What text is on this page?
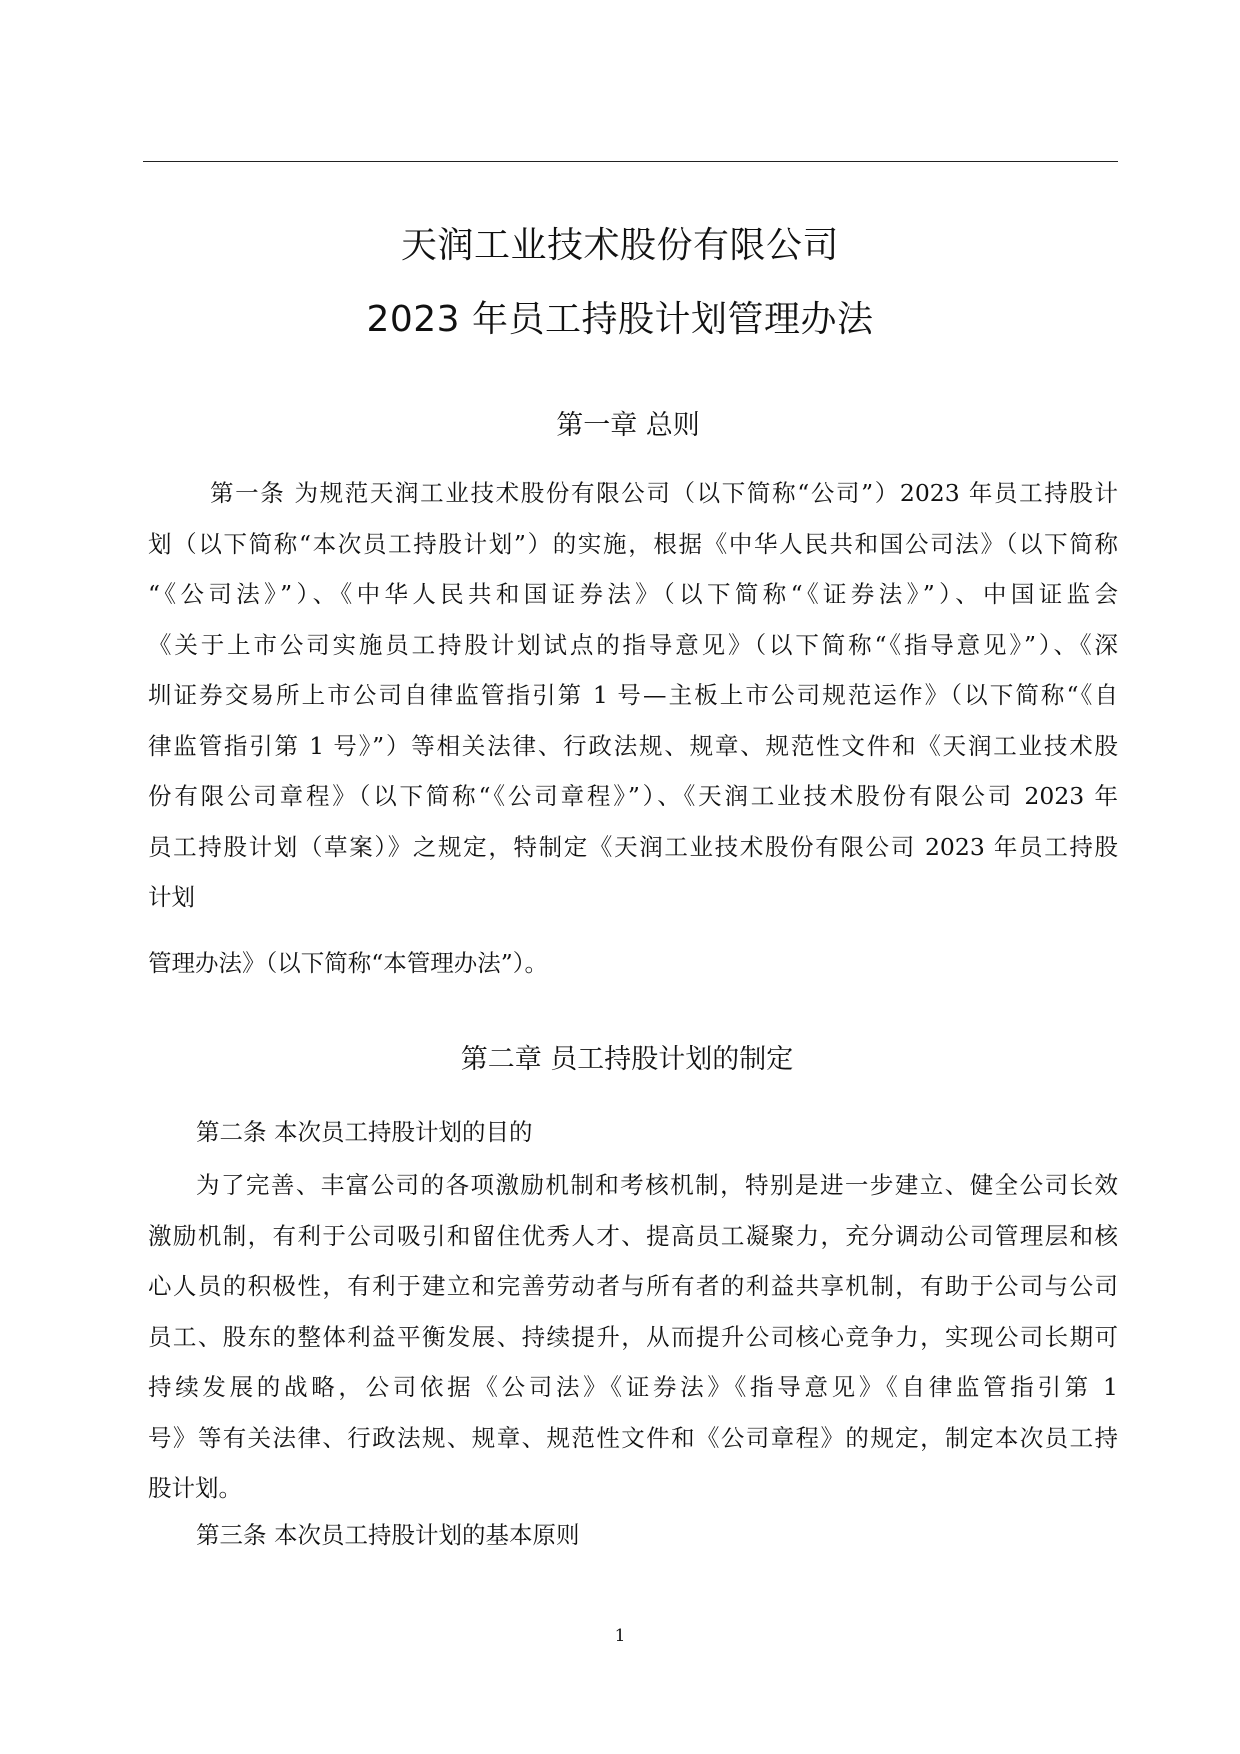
天润工业技术股份有限公司
2023 年员工持股计划管理办法
第一章 总则
第一条 为规范天润工业技术股份有限公司（以下简称“公司”）2023 年员工持股计
划（以下简称“本次员工持股计划”）的实施，根据《中华人民共和国公司法》（以下简称
“《公司法》”）、《中华人民共和国证券法》（以下简称“《证券法》”）、中国证监会
《关于上市公司实施员工持股计划试点的指导意见》（以下简称“《指导意见》”）、《深
圳证券交易所上市公司自律监管指引第 1 号—主板上市公司规范运作》（以下简称“《自
律监管指引第 1 号》”）等相关法律、行政法规、规章、规范性文件和《天润工业技术股
份有限公司章程》（以下简称“《公司章程》”）、《天润工业技术股份有限公司 2023 年
员工持股计划（草案）》之规定，特制定《天润工业技术股份有限公司 2023 年员工持股
计划
管理办法》（以下简称“本管理办法”）。
第二章 员工持股计划的制定
第二条 本次员工持股计划的目的
为了完善、丰富公司的各项激励机制和考核机制，特别是进一步建立、健全公司长效
激励机制，有利于公司吸引和留住优秀人才、提高员工凝聚力，充分调动公司管理层和核
心人员的积极性，有利于建立和完善劳动者与所有者的利益共享机制，有助于公司与公司
员工、股东的整体利益平衡发展、持续提升，从而提升公司核心竞争力，实现公司长期可
持续发展的战略，公司依据《公司法》《证券法》《指导意见》《自律监管指引第 1
号》等有关法律、行政法规、规章、规范性文件和《公司章程》的规定，制定本次员工持
股计划。
第三条 本次员工持股计划的基本原则
1
